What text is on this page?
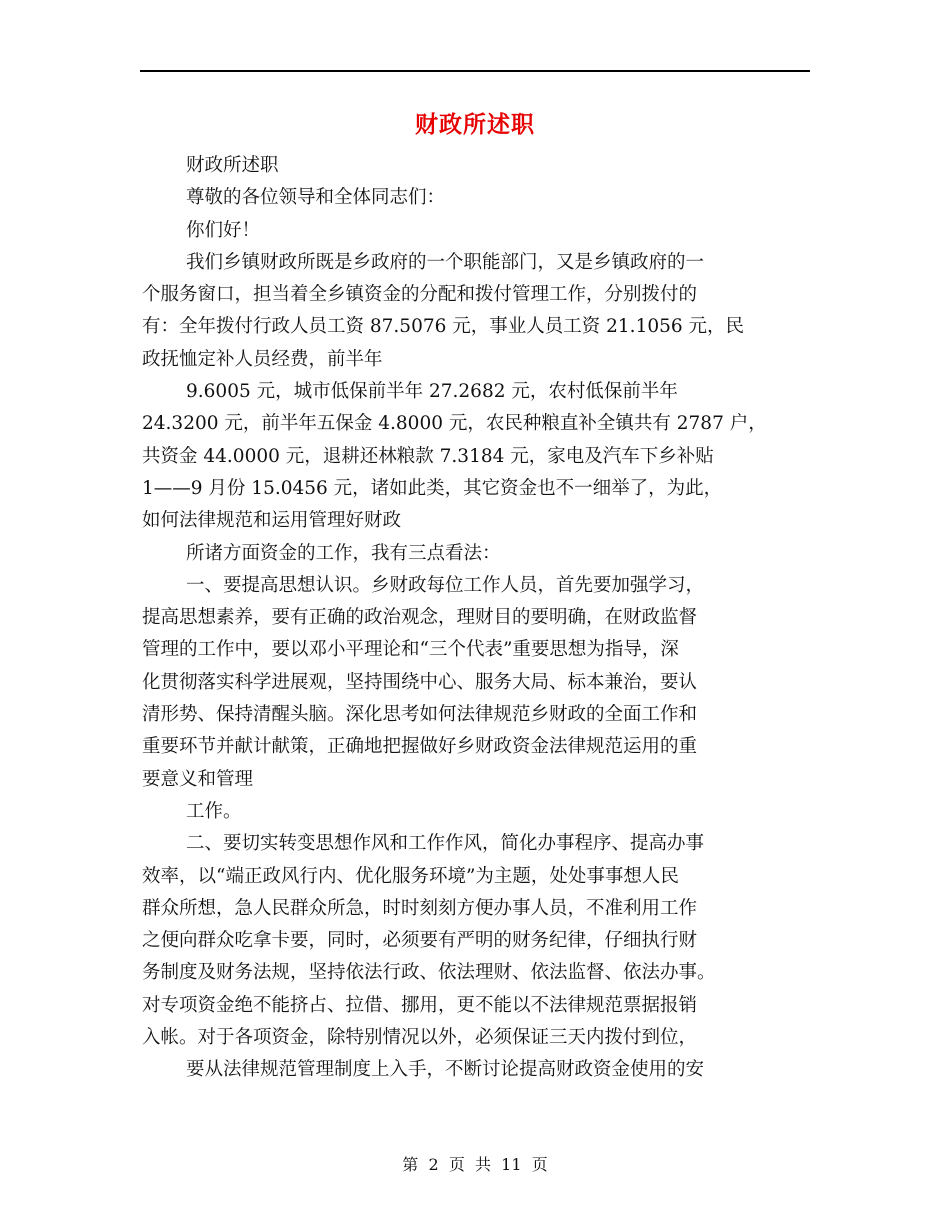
财政所述职
财政所述职
尊敬的各位领导和全体同志们：
你们好！
我们乡镇财政所既是乡政府的一个职能部门，又是乡镇政府的一
个服务窗口，担当着全乡镇资金的分配和拨付管理工作，分别拨付的
有：全年拨付行政人员工资 87.5076 元，事业人员工资 21.1056 元，民
政抚恤定补人员经费，前半年
9.6005 元，城市低保前半年 27.2682 元，农村低保前半年
24.3200 元，前半年五保金 4.8000 元，农民种粮直补全镇共有 2787 户，
共资金 44.0000 元，退耕还林粮款 7.3184 元，家电及汽车下乡补贴
1——9 月份 15.0456 元，诸如此类，其它资金也不一细举了，为此，
如何法律规范和运用管理好财政
所诸方面资金的工作，我有三点看法：
一、要提高思想认识。乡财政每位工作人员，首先要加强学习，
提高思想素养，要有正确的政治观念，理财目的要明确，在财政监督
管理的工作中，要以邓小平理论和“三个代表”重要思想为指导，深
化贯彻落实科学进展观，坚持围绕中心、服务大局、标本兼治，要认
清形势、保持清醒头脑。深化思考如何法律规范乡财政的全面工作和
重要环节并献计献策，正确地把握做好乡财政资金法律规范运用的重
要意义和管理
工作。
二、要切实转变思想作风和工作作风，简化办事程序、提高办事
效率，以“端正政风行内、优化服务环境”为主题，处处事事想人民
群众所想，急人民群众所急，时时刻刻方便办事人员，不准利用工作
之便向群众吃拿卡要，同时，必须要有严明的财务纪律，仔细执行财
务制度及财务法规，坚持依法行政、依法理财、依法监督、依法办事。
对专项资金绝不能挤占、拉借、挪用，更不能以不法律规范票据报销
入帐。对于各项资金，除特别情况以外，必须保证三天内拨付到位，
要从法律规范管理制度上入手，不断讨论提高财政资金使用的安
第  2  页  共  11  页
